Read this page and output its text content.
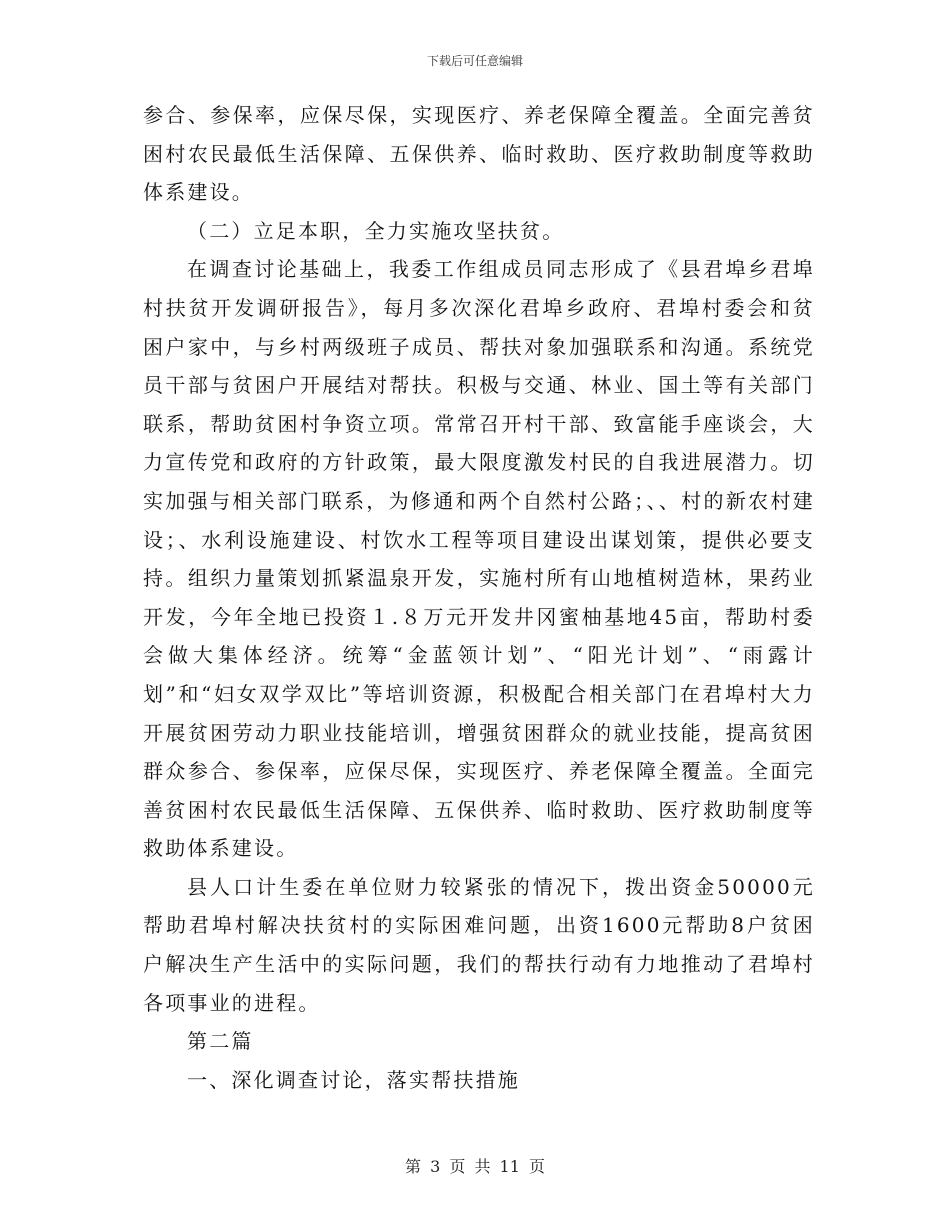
下载后可任意编辑

参合、参保率，应保尽保，实现医疗、养老保障全覆盖。全面完善贫困村农民最低生活保障、五保供养、临时救助、医疗救助制度等救助体系建设。

（二）立足本职，全力实施攻坚扶贫。

在调查讨论基础上，我委工作组成员同志形成了《县君埠乡君埠村扶贫开发调研报告》，每月多次深化君埠乡政府、君埠村委会和贫困户家中，与乡村两级班子成员、帮扶对象加强联系和沟通。系统党员干部与贫困户开展结对帮扶。积极与交通、林业、国土等有关部门联系，帮助贫困村争资立项。常常召开村干部、致富能手座谈会，大力宣传党和政府的方针政策，最大限度激发村民的自我进展潜力。切实加强与相关部门联系，为修通和两个自然村公路；、、村的新农村建设；、水利设施建设、村饮水工程等项目建设出谋划策，提供必要支持。组织力量策划抓紧温泉开发，实施村所有山地植树造林，果药业开发，今年全地已投资１.８万元开发井冈蜜柚基地45亩，帮助村委会做大集体经济。统筹“金蓝领计划”、“阳光计划”、“雨露计划”和“妇女双学双比”等培训资源，积极配合相关部门在君埠村大力开展贫困劳动力职业技能培训，增强贫困群众的就业技能，提高贫困群众参合、参保率，应保尽保，实现医疗、养老保障全覆盖。全面完善贫困村农民最低生活保障、五保供养、临时救助、医疗救助制度等救助体系建设。

县人口计生委在单位财力较紧张的情况下，拨出资金50000元帮助君埠村解决扶贫村的实际困难问题，出资1600元帮助8户贫困户解决生产生活中的实际问题，我们的帮扶行动有力地推动了君埠村各项事业的进程。

第二篇

一、深化调查讨论，落实帮扶措施

第 3 页 共 11 页
